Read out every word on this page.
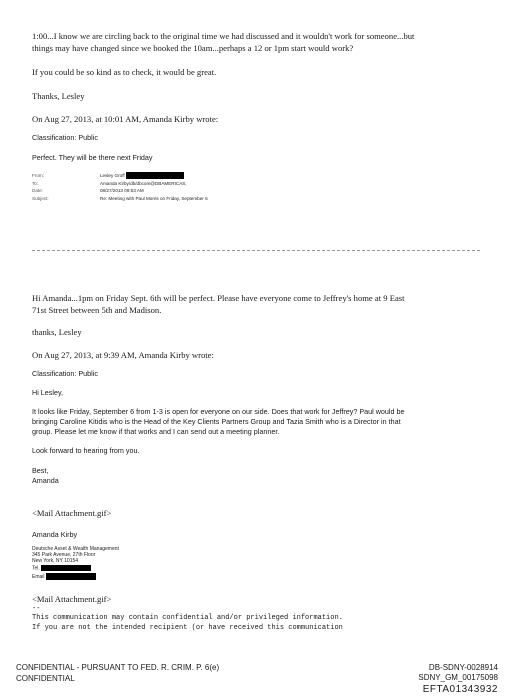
1:00...I know we are circling back to the original time we had discussed and it wouldn't work for someone...but

things may have changed since we booked the 10am...perhaps a 12 or 1pm start would work?

If you could be so kind as to check, it would be great.

Thanks, Lesley

On Aug 27, 2013, at 10:01 AM, Amanda Kirby wrote:

Classification: Public

Perfect. They will be there next Friday

From:	Lesley Groff
To:	Amanda Kirby/db/dbcom@DBAMERICAS,
Date:	08/27/2013 09:53 AM
Subject:	Re: Meeting with Paul Morris on Friday, September 6

Hi Amanda...1pm on Friday Sept. 6th will be perfect. Please have everyone come to Jeffrey's home at 9 East

71st Street between 5th and Madison.

thanks, Lesley

On Aug 27, 2013, at 9:39 AM, Amanda Kirby wrote:

Classification: Public

Hi Lesley,

It looks like Friday, September 6 from 1-3 is open for everyone on our side. Does that work for Jeffrey? Paul would be

bringing Caroline Kitidis who is the Head of the Key Clients Partners Group and Tazia Smith who is a Director in that

group. Please let me know if that works and I can send out a meeting planner.

Look forward to hearing from you.

Best,

Amanda

<Mail Attachment.gif>

Amanda Kirby

Deutsche Asset & Wealth Management

345 Park Avenue, 27th Floor

New York, NY 10154

Tel.

Email

<Mail Attachment.gif>

--

This communication may contain confidential and/or privileged information.

If you are not the intended recipient (or have received this communication

CONFIDENTIAL - PURSUANT TO FED. R. CRIM. P. 6(e)

CONFIDENTIAL

DB-SDNY-0028914

SDNY_GM_00175098

EFTA01343932
